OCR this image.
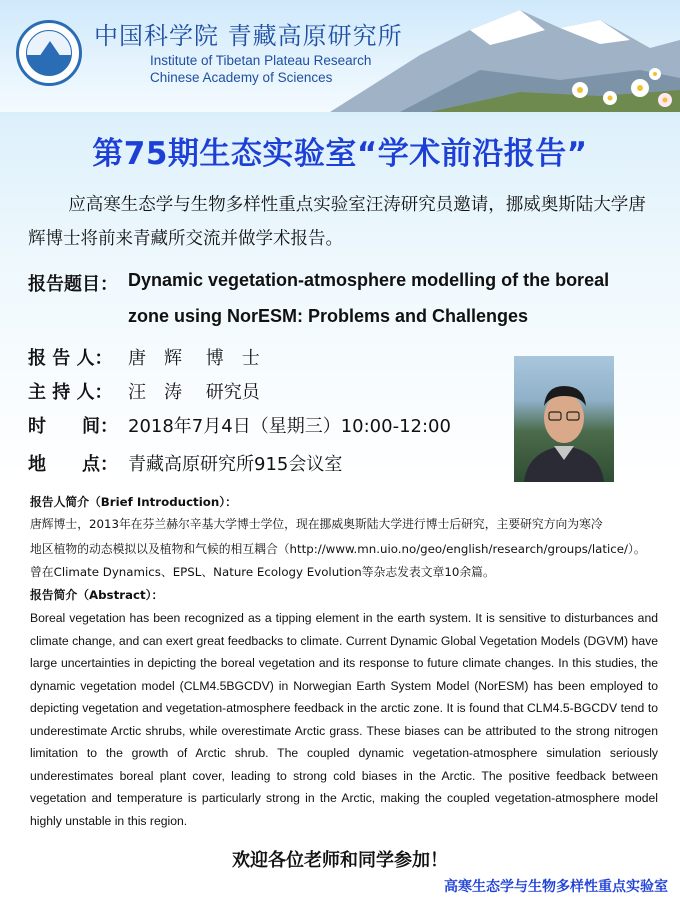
中国科学院 青藏高原研究所
Institute of Tibetan Plateau Research
Chinese Academy of Sciences
第75期生态实验室“学术前沿报告”
应高寒生态学与生物多样性重点实验室汪涛研究员邀请，挪威奥斯陆大学唐辉博士将前来青藏所交流并做学术报告。
报告题目： Dynamic vegetation-atmosphere modelling of the boreal
zone using NorESM: Problems and Challenges
报 告 人： 唐　辉　 博　士
主 持 人： 汪　涛　 研究员
时　　间： 2018年7月4日（星期三）10:00-12:00
地　　点： 青藏高原研究所915会议室
报告人简介（Brief Introduction）：
唐辉博士，2013年在芬兰赫尔辛基大学博士学位，现在挪威奥斯陆大学进行博士后研究，主要研究方向为寒冷
地区植物的动态模拟以及植物和气候的相互耦合（http://www.mn.uio.no/geo/english/research/groups/latice/）。
曾在Climate Dynamics、EPSL、Nature Ecology Evolution等杂志发表文章10余篇。
报告简介（Abstract）：
Boreal vegetation has been recognized as a tipping element in the earth system. It is sensitive to disturbances and climate change, and can exert great feedbacks to climate. Current Dynamic Global Vegetation Models (DGVM) have large uncertainties in depicting the boreal vegetation and its response to future climate changes. In this studies, the dynamic vegetation model (CLM4.5BGCDV) in Norwegian Earth System Model (NorESM) has been employed to depicting vegetation and vegetation-atmosphere feedback in the arctic zone. It is found that CLM4.5-BGCDV tend to underestimate Arctic shrubs, while overestimate Arctic grass. These biases can be attributed to the strong nitrogen limitation to the growth of Arctic shrub. The coupled dynamic vegetation-atmosphere simulation seriously underestimates boreal plant cover, leading to strong cold biases in the Arctic. The positive feedback between vegetation and temperature is particularly strong in the Arctic, making the coupled vegetation-atmosphere model highly unstable in this region.
欢迎各位老师和同学参加！
高寒生态学与生物多样性重点实验室
